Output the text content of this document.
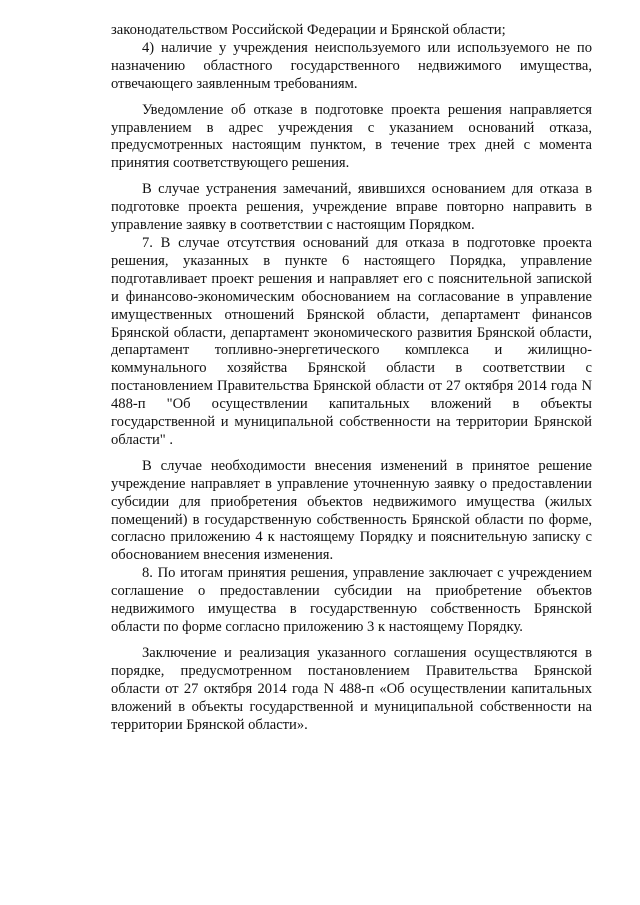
законодательством Российской Федерации и Брянской области;

4) наличие у учреждения неиспользуемого или используемого не по назначению областного государственного недвижимого имущества, отвечающего заявленным требованиям.

Уведомление об отказе в подготовке проекта решения направляется управлением в адрес учреждения с указанием оснований отказа, предусмотренных настоящим пунктом, в течение трех дней с момента принятия соответствующего решения.

В случае устранения замечаний, явившихся основанием для отказа в подготовке проекта решения, учреждение вправе повторно направить в управление заявку в соответствии с настоящим Порядком.

7. В случае отсутствия оснований для отказа в подготовке проекта решения, указанных в пункте 6 настоящего Порядка, управление подготавливает проект решения и направляет его с пояснительной запиской и финансово-экономическим обоснованием на согласование в управление имущественных отношений Брянской области, департамент финансов Брянской области, департамент экономического развития Брянской области, департамент топливно-энергетического комплекса и жилищно-коммунального хозяйства Брянской области в соответствии с постановлением Правительства Брянской области от 27 октября 2014 года N 488-п "Об осуществлении капитальных вложений в объекты государственной и муниципальной собственности на территории Брянской области" .

В случае необходимости внесения изменений в принятое решение учреждение направляет в управление уточненную заявку о предоставлении субсидии для приобретения объектов недвижимого имущества (жилых помещений) в государственную собственность Брянской области по форме, согласно приложению 4 к настоящему Порядку и пояснительную записку с обоснованием внесения изменения.

8. По итогам принятия решения, управление заключает с учреждением соглашение о предоставлении субсидии на приобретение объектов недвижимого имущества в государственную собственность Брянской области по форме согласно приложению 3 к настоящему Порядку.

Заключение и реализация указанного соглашения осуществляются в порядке, предусмотренном постановлением Правительства Брянской области от 27 октября 2014 года N 488-п «Об осуществлении капитальных вложений в объекты государственной и муниципальной собственности на территории Брянской области».
